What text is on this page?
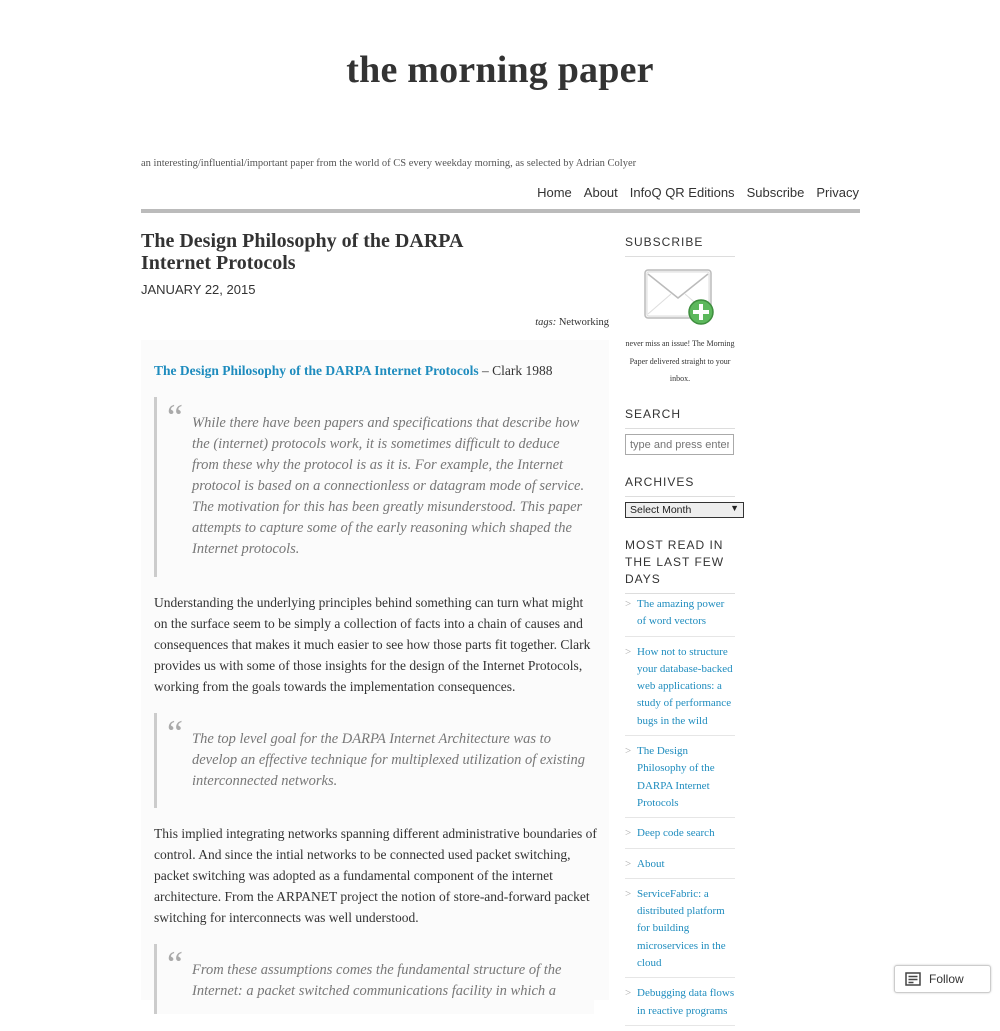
the morning paper
an interesting/influential/important paper from the world of CS every weekday morning, as selected by Adrian Colyer
Home About InfoQ QR Editions Subscribe Privacy
The Design Philosophy of the DARPA Internet Protocols
JANUARY 22, 2015
tags: Networking
The Design Philosophy of the DARPA Internet Protocols – Clark 1988
“ While there have been papers and specifications that describe how the (internet) protocols work, it is sometimes difficult to deduce from these why the protocol is as it is. For example, the Internet protocol is based on a connectionless or datagram mode of service. The motivation for this has been greatly misunderstood. This paper attempts to capture some of the early reasoning which shaped the Internet protocols.
Understanding the underlying principles behind something can turn what might on the surface seem to be simply a collection of facts into a chain of causes and consequences that makes it much easier to see how those parts fit together. Clark provides us with some of those insights for the design of the Internet Protocols, working from the goals towards the implementation consequences.
“ The top level goal for the DARPA Internet Architecture was to develop an effective technique for multiplexed utilization of existing interconnected networks.
This implied integrating networks spanning different administrative boundaries of control. And since the intial networks to be connected used packet switching, packet switching was adopted as a fundamental component of the internet architecture. From the ARPANET project the notion of store-and-forward packet switching for interconnects was well understood.
“ From these assumptions comes the fundamental structure of the Internet: a packet switched communications facility in which a
SUBSCRIBE
never miss an issue! The Morning Paper delivered straight to your inbox.
SEARCH
type and press enter
ARCHIVES
Select Month	▼
MOST READ IN THE LAST FEW DAYS
> The amazing power of word vectors
> How not to structure your database-backed web applications: a study of performance bugs in the wild
> The Design Philosophy of the DARPA Internet Protocols
> Deep code search
> About
> ServiceFabric: a distributed platform for building microservices in the cloud
> Debugging data flows in reactive programs
Follow
